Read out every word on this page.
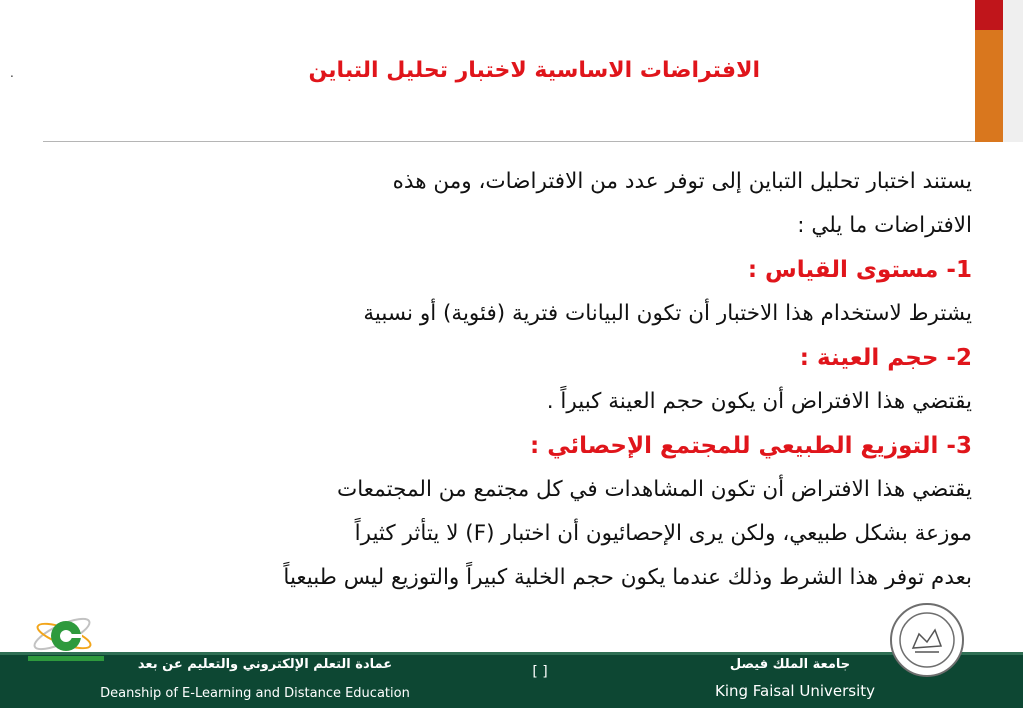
.	الافتراضات الاساسية لاختبار تحليل التباين

يستند اختبار تحليل التباين إلى توفر عدد من الافتراضات، ومن هذه

الافتراضات ما يلي :

1- مستوى القياس :

يشترط لاستخدام هذا الاختبار أن تكون البيانات فترية (فئوية) أو نسبية

2- حجم العينة :

يقتضي هذا الافتراض أن يكون حجم العينة كبيراً .

3- التوزيع الطبيعي للمجتمع الإحصائي :

يقتضي هذا الافتراض أن تكون المشاهدات في كل مجتمع من المجتمعات

موزعة بشكل طبيعي، ولكن يرى الإحصائيون أن اختبار (F) لا يتأثر كثيراً

بعدم توفر هذا الشرط وذلك عندما يكون حجم الخلية كبيراً والتوزيع ليس طبيعياً

عمادة التعلم الإلكتروني والتعليم عن بعد
Deanship of E-Learning and Distance Education
[ ]	جامعة الملك فيصل
King Faisal University
